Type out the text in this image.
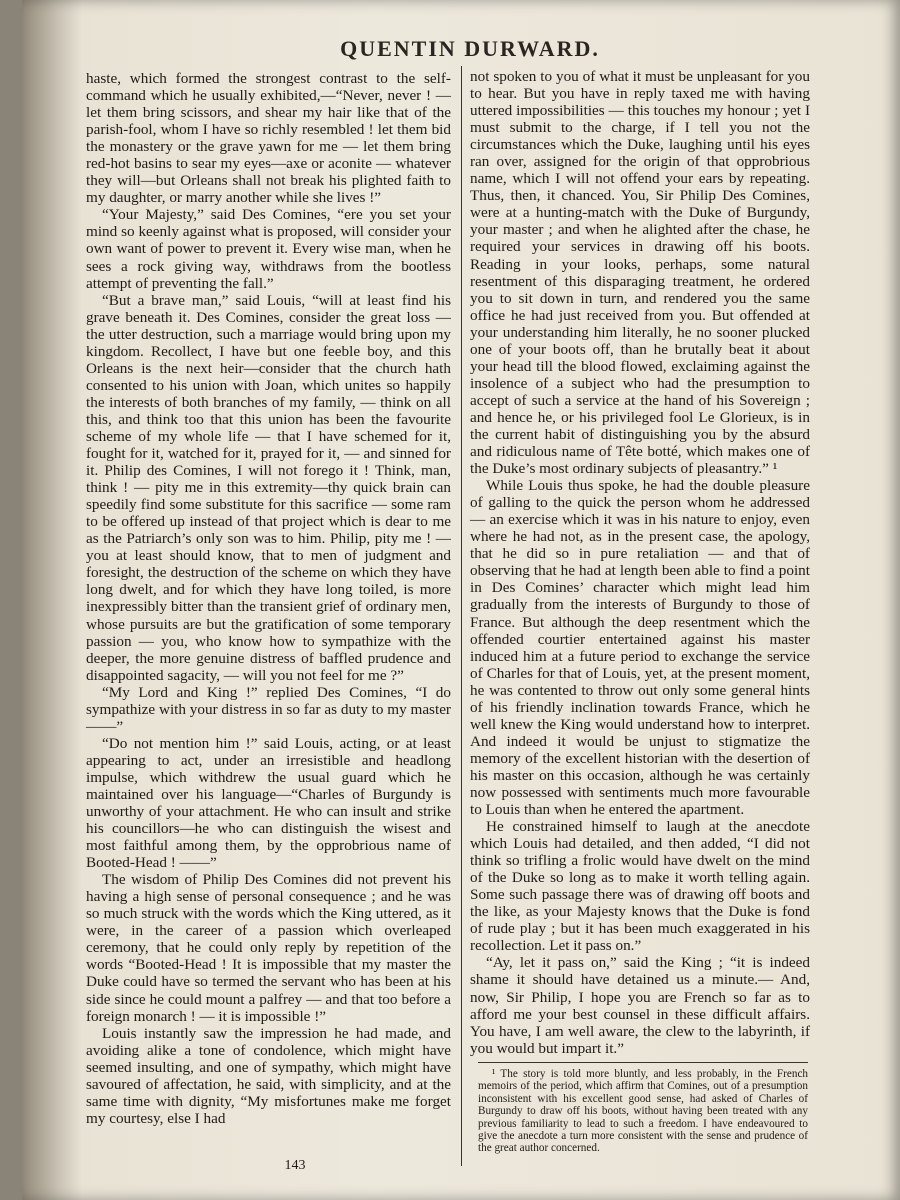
QUENTIN DURWARD.

haste, which formed the strongest contrast to the self-command which he usually exhibited,—“Never, never ! — let them bring scissors, and shear my hair like that of the parish-fool, whom I have so richly resembled ! let them bid the monastery or the grave yawn for me — let them bring red-hot basins to sear my eyes—axe or aconite — whatever they will—but Orleans shall not break his plighted faith to my daughter, or marry another while she lives !”

“Your Majesty,” said Des Comines, “ere you set your mind so keenly against what is proposed, will consider your own want of power to prevent it. Every wise man, when he sees a rock giving way, withdraws from the bootless attempt of preventing the fall.”

“But a brave man,” said Louis, “will at least find his grave beneath it. Des Comines, consider the great loss — the utter destruction, such a marriage would bring upon my kingdom. Recollect, I have but one feeble boy, and this Orleans is the next heir—consider that the church hath consented to his union with Joan, which unites so happily the interests of both branches of my family, — think on all this, and think too that this union has been the favourite scheme of my whole life — that I have schemed for it, fought for it, watched for it, prayed for it, — and sinned for it. Philip des Comines, I will not forego it ! Think, man, think ! — pity me in this extremity—thy quick brain can speedily find some substitute for this sacrifice — some ram to be offered up instead of that project which is dear to me as the Patriarch’s only son was to him. Philip, pity me ! — you at least should know, that to men of judgment and foresight, the destruction of the scheme on which they have long dwelt, and for which they have long toiled, is more inexpressibly bitter than the transient grief of ordinary men, whose pursuits are but the gratification of some temporary passion — you, who know how to sympathize with the deeper, the more genuine distress of baffled prudence and disappointed sagacity, — will you not feel for me ?”

“My Lord and King !” replied Des Comines, “I do sympathize with your distress in so far as duty to my master——”

“Do not mention him !” said Louis, acting, or at least appearing to act, under an irresistible and headlong impulse, which withdrew the usual guard which he maintained over his language—“Charles of Burgundy is unworthy of your attachment. He who can insult and strike his councillors—he who can distinguish the wisest and most faithful among them, by the opprobrious name of Booted-Head ! ——”

The wisdom of Philip Des Comines did not prevent his having a high sense of personal consequence ; and he was so much struck with the words which the King uttered, as it were, in the career of a passion which overleaped ceremony, that he could only reply by repetition of the words “Booted-Head ! It is impossible that my master the Duke could have so termed the servant who has been at his side since he could mount a palfrey — and that too before a foreign monarch ! — it is impossible !”

Louis instantly saw the impression he had made, and avoiding alike a tone of condolence, which might have seemed insulting, and one of sympathy, which might have savoured of affectation, he said, with simplicity, and at the same time with dignity, “My misfortunes make me forget my courtesy, else I had

not spoken to you of what it must be unpleasant for you to hear. But you have in reply taxed me with having uttered impossibilities — this touches my honour ; yet I must submit to the charge, if I tell you not the circumstances which the Duke, laughing until his eyes ran over, assigned for the origin of that opprobrious name, which I will not offend your ears by repeating. Thus, then, it chanced. You, Sir Philip Des Comines, were at a hunting-match with the Duke of Burgundy, your master ; and when he alighted after the chase, he required your services in drawing off his boots. Reading in your looks, perhaps, some natural resentment of this disparaging treatment, he ordered you to sit down in turn, and rendered you the same office he had just received from you. But offended at your understanding him literally, he no sooner plucked one of your boots off, than he brutally beat it about your head till the blood flowed, exclaiming against the insolence of a subject who had the presumption to accept of such a service at the hand of his Sovereign ; and hence he, or his privileged fool Le Glorieux, is in the current habit of distinguishing you by the absurd and ridiculous name of Tête botté, which makes one of the Duke’s most ordinary subjects of pleasantry.” ¹

While Louis thus spoke, he had the double pleasure of galling to the quick the person whom he addressed — an exercise which it was in his nature to enjoy, even where he had not, as in the present case, the apology, that he did so in pure retaliation — and that of observing that he had at length been able to find a point in Des Comines’ character which might lead him gradually from the interests of Burgundy to those of France. But although the deep resentment which the offended courtier entertained against his master induced him at a future period to exchange the service of Charles for that of Louis, yet, at the present moment, he was contented to throw out only some general hints of his friendly inclination towards France, which he well knew the King would understand how to interpret. And indeed it would be unjust to stigmatize the memory of the excellent historian with the desertion of his master on this occasion, although he was certainly now possessed with sentiments much more favourable to Louis than when he entered the apartment.

He constrained himself to laugh at the anecdote which Louis had detailed, and then added, “I did not think so trifling a frolic would have dwelt on the mind of the Duke so long as to make it worth telling again. Some such passage there was of drawing off boots and the like, as your Majesty knows that the Duke is fond of rude play ; but it has been much exaggerated in his recollection. Let it pass on.”

“Ay, let it pass on,” said the King ; “it is indeed shame it should have detained us a minute.— And, now, Sir Philip, I hope you are French so far as to afford me your best counsel in these difficult affairs. You have, I am well aware, the clew to the labyrinth, if you would but impart it.”

¹ The story is told more bluntly, and less probably, in the French memoirs of the period, which affirm that Comines, out of a presumption inconsistent with his excellent good sense, had asked of Charles of Burgundy to draw off his boots, without having been treated with any previous familiarity to lead to such a freedom. I have endeavoured to give the anecdote a turn more consistent with the sense and prudence of the great author concerned.

143
